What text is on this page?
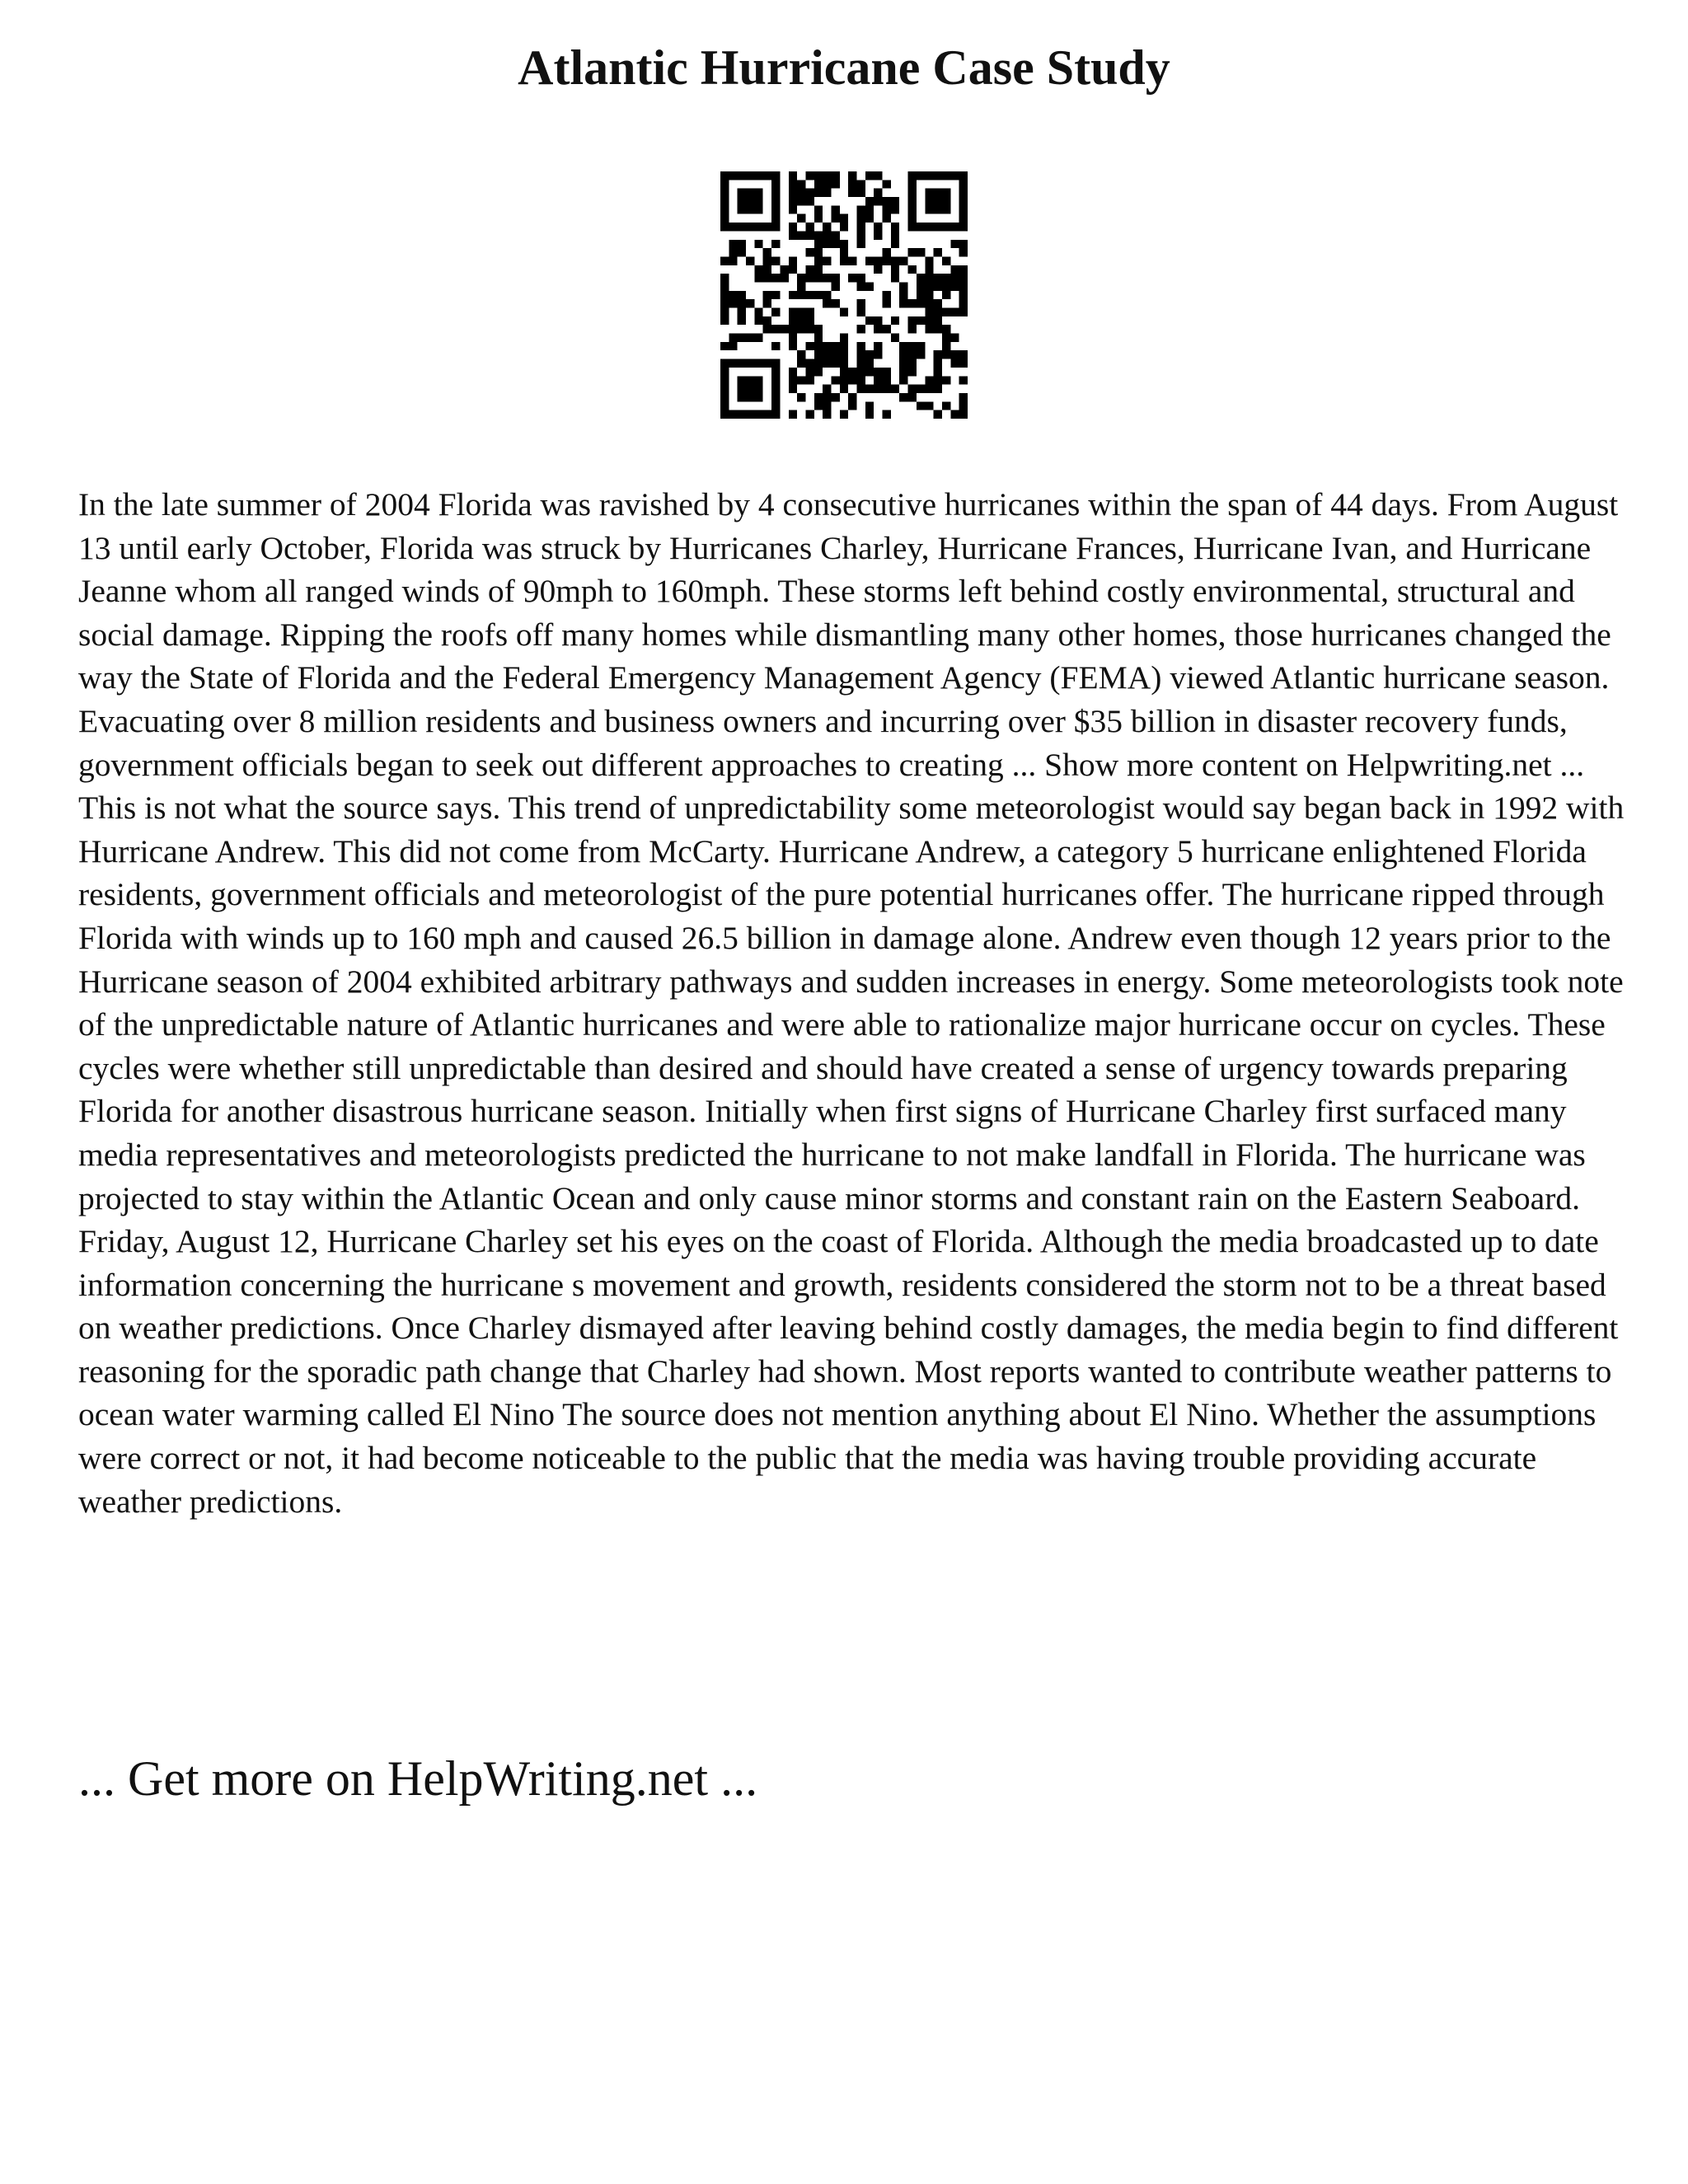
Atlantic Hurricane Case Study

In the late summer of 2004 Florida was ravished by 4 consecutive hurricanes within the span of 44 days. From August 13 until early October, Florida was struck by Hurricanes Charley, Hurricane Frances, Hurricane Ivan, and Hurricane Jeanne whom all ranged winds of 90mph to 160mph. These storms left behind costly environmental, structural and social damage. Ripping the roofs off many homes while dismantling many other homes, those hurricanes changed the way the State of Florida and the Federal Emergency Management Agency (FEMA) viewed Atlantic hurricane season. Evacuating over 8 million residents and business owners and incurring over $35 billion in disaster recovery funds, government officials began to seek out different approaches to creating ... Show more content on Helpwriting.net ...

This is not what the source says. This trend of unpredictability some meteorologist would say began back in 1992 with Hurricane Andrew. This did not come from McCarty. Hurricane Andrew, a category 5 hurricane enlightened Florida residents, government officials and meteorologist of the pure potential hurricanes offer. The hurricane ripped through Florida with winds up to 160 mph and caused 26.5 billion in damage alone. Andrew even though 12 years prior to the Hurricane season of 2004 exhibited arbitrary pathways and sudden increases in energy. Some meteorologists took note of the unpredictable nature of Atlantic hurricanes and were able to rationalize major hurricane occur on cycles. These cycles were whether still unpredictable than desired and should have created a sense of urgency towards preparing Florida for another disastrous hurricane season. Initially when first signs of Hurricane Charley first surfaced many media representatives and meteorologists predicted the hurricane to not make landfall in Florida. The hurricane was projected to stay within the Atlantic Ocean and only cause minor storms and constant rain on the Eastern Seaboard. Friday, August 12, Hurricane Charley set his eyes on the coast of Florida. Although the media broadcasted up to date information concerning the hurricane s movement and growth, residents considered the storm not to be a threat based on weather predictions. Once Charley dismayed after leaving behind costly damages, the media begin to find different reasoning for the sporadic path change that Charley had shown. Most reports wanted to contribute weather patterns to ocean water warming called El Nino The source does not mention anything about El Nino. Whether the assumptions were correct or not, it had become noticeable to the public that the media was having trouble providing accurate weather predictions.

... Get more on HelpWriting.net ...
